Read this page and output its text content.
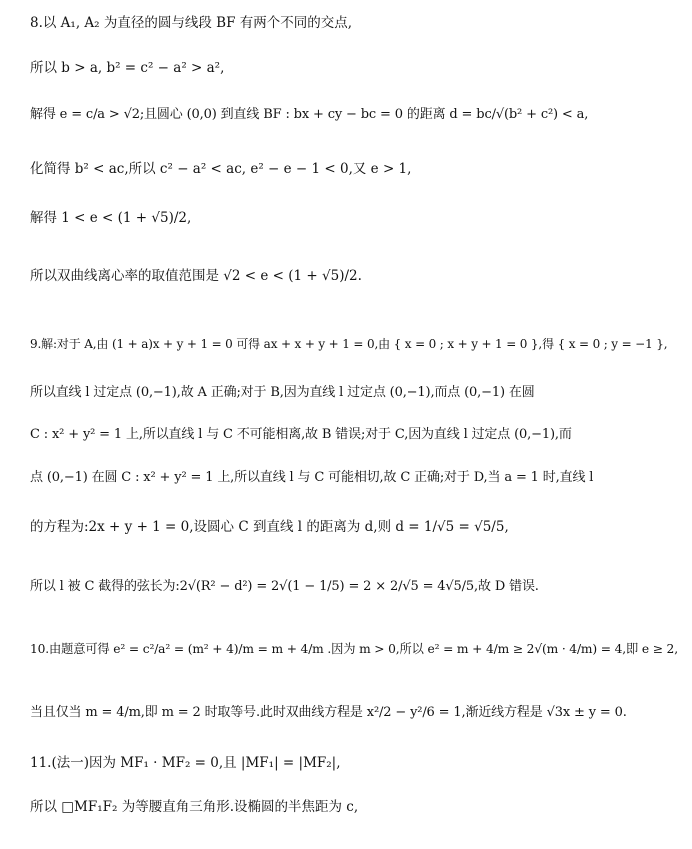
8.以 A₁, A₂ 为直径的圆与线段 BF 有两个不同的交点,
所以 b > a, b² = c² − a² > a²,
解得 e = c/a > √2;且圆心 (0,0) 到直线 BF : bx + cy − bc = 0 的距离 d = bc/√(b² + c²) < a,
化简得 b² < ac,所以 c² − a² < ac, e² − e − 1 < 0,又 e > 1,
解得 1 < e < (1 + √5)/2,
所以双曲线离心率的取值范围是 √2 < e < (1 + √5)/2.
9.解:对于 A,由 (1 + a)x + y + 1 = 0 可得 ax + x + y + 1 = 0,由 { x = 0 ; x + y + 1 = 0 },得 { x = 0 ; y = −1 },
所以直线 l 过定点 (0,−1),故 A 正确;对于 B,因为直线 l 过定点 (0,−1),而点 (0,−1) 在圆
C : x² + y² = 1 上,所以直线 l 与 C 不可能相离,故 B 错误;对于 C,因为直线 l 过定点 (0,−1),而
点 (0,−1) 在圆 C : x² + y² = 1 上,所以直线 l 与 C 可能相切,故 C 正确;对于 D,当 a = 1 时,直线 l
的方程为:2x + y + 1 = 0,设圆心 C 到直线 l 的距离为 d,则 d = 1/√5 = √5/5,
所以 l 被 C 截得的弦长为:2√(R² − d²) = 2√(1 − 1/5) = 2 × 2/√5 = 4√5/5,故 D 错误.
10.由题意可得 e² = c²/a² = (m² + 4)/m = m + 4/m .因为 m > 0,所以 e² = m + 4/m ≥ 2√(m · 4/m) = 4,即 e ≥ 2,
当且仅当 m = 4/m,即 m = 2 时取等号.此时双曲线方程是 x²/2 − y²/6 = 1,渐近线方程是 √3x ± y = 0.
11.(法一)因为 MF₁ · MF₂ = 0,且 |MF₁| = |MF₂|,
所以 □MF₁F₂ 为等腰直角三角形.设椭圆的半焦距为 c,
